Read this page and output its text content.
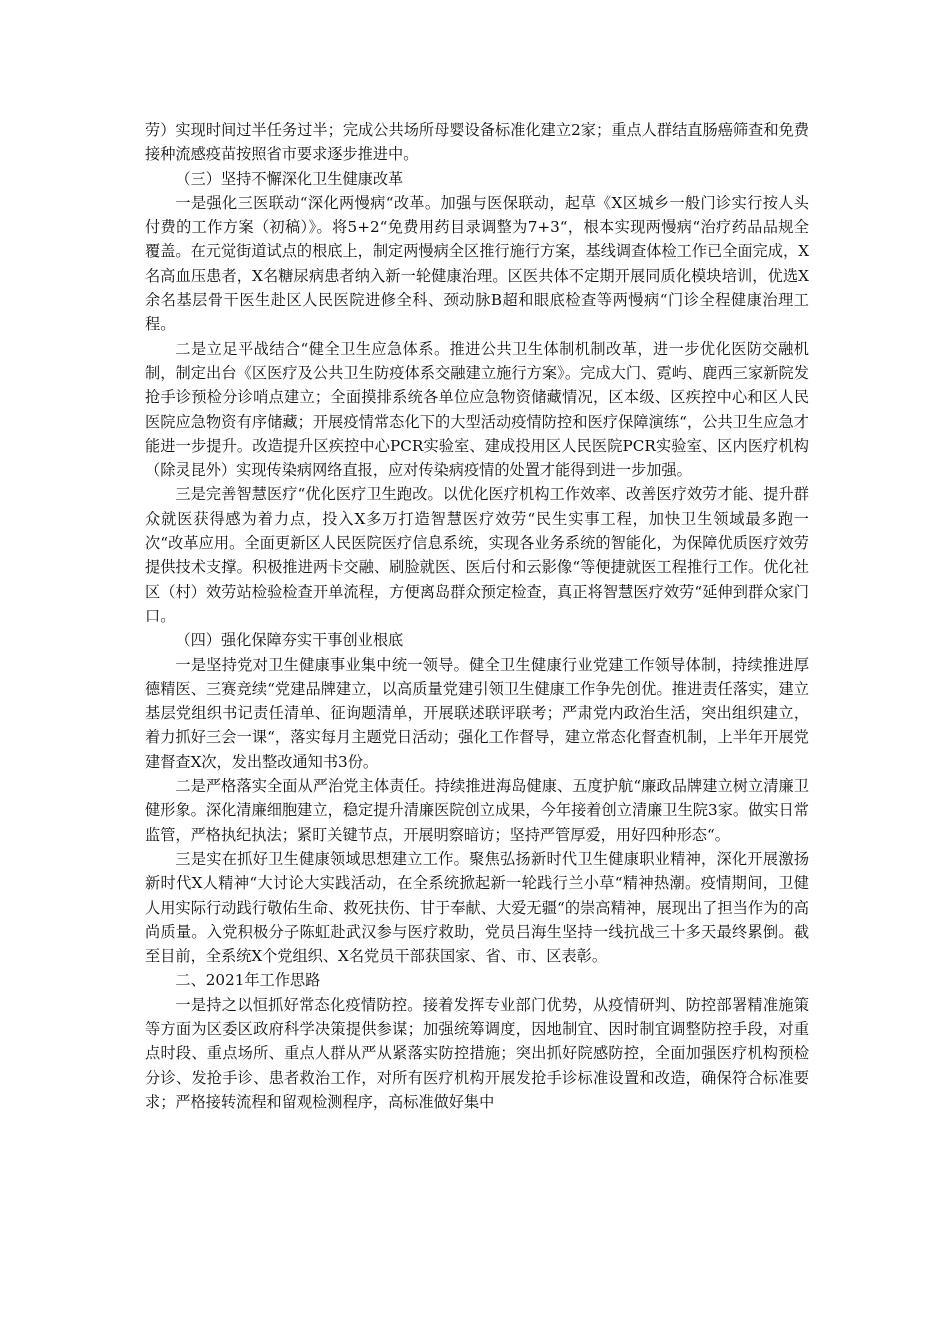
劳）实现时间过半任务过半；完成公共场所母婴设备标准化建立2家；重点人群结直肠癌筛查和免费接种流感疫苗按照省市要求逐步推进中。

（三）坚持不懈深化卫生健康改革

一是强化三医联动“深化两慢病“改革。加强与医保联动，起草《X区城乡一般门诊实行按人头付费的工作方案（初稿）》。将5+2“免费用药目录调整为7+3“，根本实现两慢病“治疗药品品规全覆盖。在元觉街道试点的根底上，制定两慢病全区推行施行方案，基线调查体检工作已全面完成，X名高血压患者，X名糖尿病患者纳入新一轮健康治理。区医共体不定期开展同质化模块培训，优选X余名基层骨干医生赴区人民医院进修全科、颈动脉B超和眼底检查等两慢病“门诊全程健康治理工程。

二是立足平战结合“健全卫生应急体系。推进公共卫生体制机制改革，进一步优化医防交融机制，制定出台《区医疗及公共卫生防疫体系交融建立施行方案》。完成大门、霓屿、鹿西三家新院发抢手诊预检分诊哨点建立；全面摸排系统各单位应急物资储藏情况，区本级、区疾控中心和区人民医院应急物资有序储藏；开展疫情常态化下的大型活动疫情防控和医疗保障演练“，公共卫生应急才能进一步提升。改造提升区疾控中心PCR实验室、建成投用区人民医院PCR实验室、区内医疗机构（除灵昆外）实现传染病网络直报，应对传染病疫情的处置才能得到进一步加强。

三是完善智慧医疗“优化医疗卫生跑改。以优化医疗机构工作效率、改善医疗效劳才能、提升群众就医获得感为着力点，投入X多万打造智慧医疗效劳“民生实事工程，加快卫生领域最多跑一次“改革应用。全面更新区人民医院医疗信息系统，实现各业务系统的智能化，为保障优质医疗效劳提供技术支撑。积极推进两卡交融、刷脸就医、医后付和云影像“等便捷就医工程推行工作。优化社区（村）效劳站检验检查开单流程，方便离岛群众预定检查，真正将智慧医疗效劳“延伸到群众家门口。

（四）强化保障夯实干事创业根底

一是坚持党对卫生健康事业集中统一领导。健全卫生健康行业党建工作领导体制，持续推进厚德精医、三赛竞续“党建品牌建立，以高质量党建引领卫生健康工作争先创优。推进责任落实，建立基层党组织书记责任清单、征询题清单，开展联述联评联考；严肃党内政治生活，突出组织建立，着力抓好三会一课“，落实每月主题党日活动；强化工作督导，建立常态化督查机制，上半年开展党建督查X次，发出整改通知书3份。

二是严格落实全面从严治党主体责任。持续推进海岛健康、五度护航“廉政品牌建立树立清廉卫健形象。深化清廉细胞建立，稳定提升清廉医院创立成果，今年接着创立清廉卫生院3家。做实日常监管，严格执纪执法；紧盯关键节点，开展明察暗访；坚持严管厚爱，用好四种形态“。

三是实在抓好卫生健康领域思想建立工作。聚焦弘扬新时代卫生健康职业精神，深化开展激扬新时代X人精神“大讨论大实践活动，在全系统掀起新一轮践行兰小草“精神热潮。疫情期间，卫健人用实际行动践行敬佑生命、救死扶伤、甘于奉献、大爱无疆“的崇高精神，展现出了担当作为的高尚质量。入党积极分子陈虹赴武汉参与医疗救助，党员吕海生坚持一线抗战三十多天最终累倒。截至目前，全系统X个党组织、X名党员干部获国家、省、市、区表彰。

二、2021年工作思路

一是持之以恒抓好常态化疫情防控。接着发挥专业部门优势，从疫情研判、防控部署精准施策等方面为区委区政府科学决策提供参谋；加强统筹调度，因地制宜、因时制宜调整防控手段，对重点时段、重点场所、重点人群从严从紧落实防控措施；突出抓好院感防控，全面加强医疗机构预检分诊、发抢手诊、患者救治工作，对所有医疗机构开展发抢手诊标准设置和改造，确保符合标准要求；严格接转流程和留观检测程序，高标准做好集中
